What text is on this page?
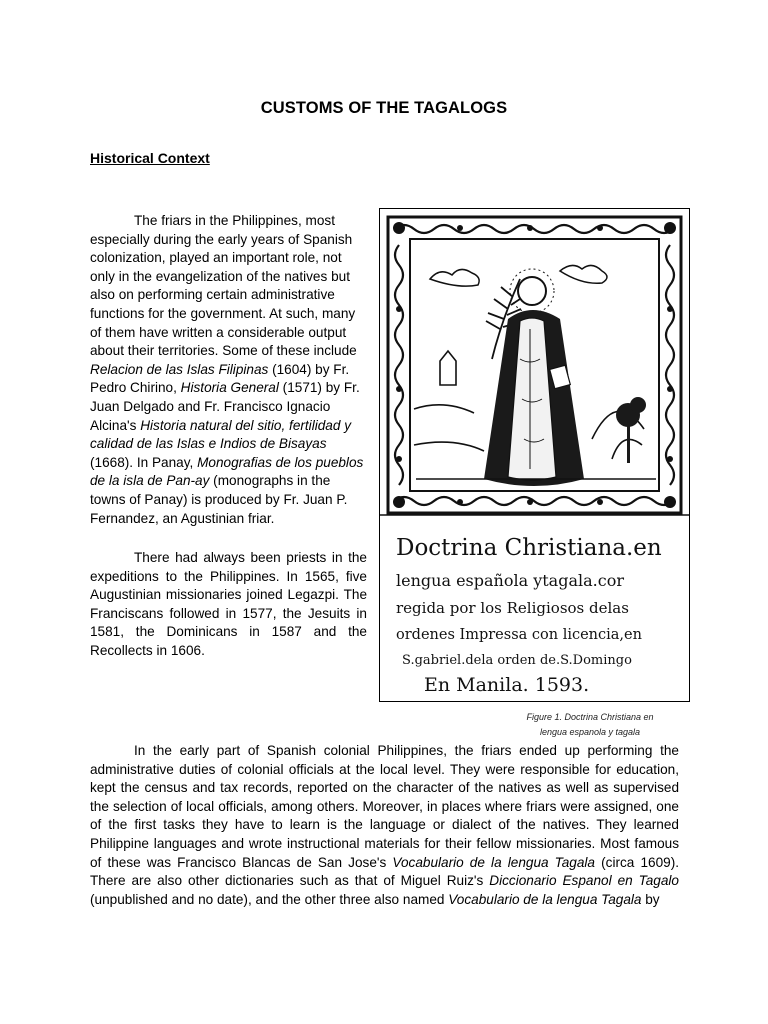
CUSTOMS OF THE TAGALOGS
Historical Context

The friars in the Philippines, most especially during the early years of Spanish colonization, played an important role, not only in the evangelization of the natives but also on performing certain administrative functions for the government. At such, many of them have written a considerable output about their territories. Some of these include Relacion de las Islas Filipinas (1604) by Fr. Pedro Chirino, Historia General (1571) by Fr. Juan Delgado and Fr. Francisco Ignacio Alcina's Historia natural del sitio, fertilidad y calidad de las Islas e Indios de Bisayas (1668). In Panay, Monografias de los pueblos de la isla de Pan-ay (monographs in the towns of Panay) is produced by Fr. Juan P. Fernandez, an Agustinian friar.

There had always been priests in the expeditions to the Philippines. In 1565, five Augustinian missionaries joined Legazpi. The Franciscans followed in 1577, the Jesuits in 1581, the Dominicans in 1587 and the Recollects in 1606.

Doctrina Christiana.en
lengua española ytagala.cor
regida por los Religiosos delas
ordenes Impressa con licencia,en
S.gabriel.dela orden de.S.Domingo
En Manila. 1593.
Figure 1. Doctrina Christiana en
lengua espanola y tagala

In the early part of Spanish colonial Philippines, the friars ended up performing the administrative duties of colonial officials at the local level. They were responsible for education, kept the census and tax records, reported on the character of the natives as well as supervised the selection of local officials, among others. Moreover, in places where friars were assigned, one of the first tasks they have to learn is the language or dialect of the natives. They learned Philippine languages and wrote instructional materials for their fellow missionaries. Most famous of these was Francisco Blancas de San Jose's Vocabulario de la lengua Tagala (circa 1609). There are also other dictionaries such as that of Miguel Ruiz's Diccionario Espanol en Tagalo (unpublished and no date), and the other three also named Vocabulario de la lengua Tagala by
